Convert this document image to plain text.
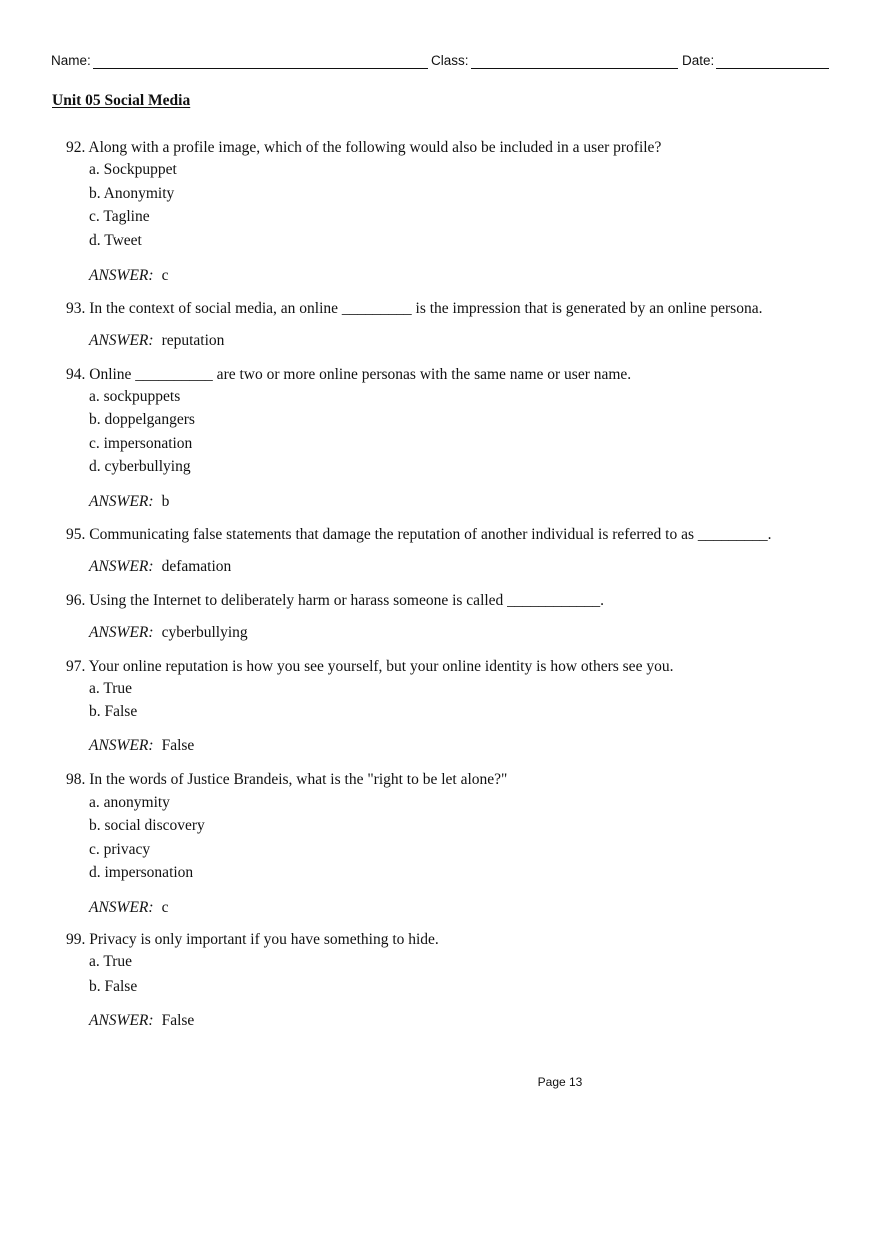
Name:	Class:	Date:
Unit 05 Social Media
92. Along with a profile image, which of the following would also be included in a user profile?
a. Sockpuppet
b. Anonymity
c. Tagline
d. Tweet
ANSWER: c
93. In the context of social media, an online _________ is the impression that is generated by an online persona.
ANSWER: reputation
94. Online __________ are two or more online personas with the same name or user name.
a. sockpuppets
b. doppelgangers
c. impersonation
d. cyberbullying
ANSWER: b
95. Communicating false statements that damage the reputation of another individual is referred to as _________.
ANSWER: defamation
96. Using the Internet to deliberately harm or harass someone is called ____________.
ANSWER: cyberbullying
97. Your online reputation is how you see yourself, but your online identity is how others see you.
a. True
b. False
ANSWER: False
98. In the words of Justice Brandeis, what is the "right to be let alone?"
a. anonymity
b. social discovery
c. privacy
d. impersonation
ANSWER: c
99. Privacy is only important if you have something to hide.
a. True
b. False
ANSWER: False
Page 13
